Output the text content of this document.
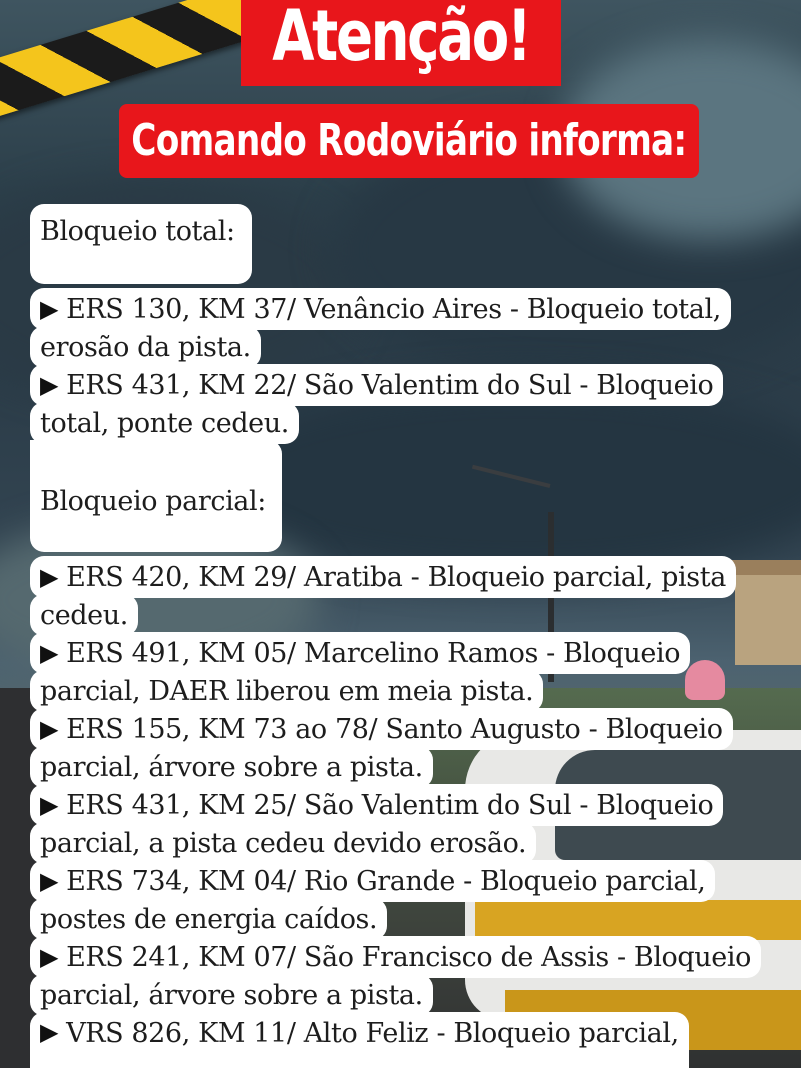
Atenção!
Comando Rodoviário informa:
Bloqueio total:
▶ ERS 130, KM 37/ Venâncio Aires - Bloqueio total,
erosão da pista.
▶ ERS 431, KM 22/ São Valentim do Sul - Bloqueio
total, ponte cedeu.
Bloqueio parcial:
▶ ERS 420, KM 29/ Aratiba - Bloqueio parcial, pista
cedeu.
▶ ERS 491, KM 05/ Marcelino Ramos - Bloqueio
parcial, DAER liberou em meia pista.
▶ ERS 155, KM 73 ao 78/ Santo Augusto - Bloqueio
parcial, árvore sobre a pista.
▶ ERS 431, KM 25/ São Valentim do Sul - Bloqueio
parcial, a pista cedeu devido erosão.
▶ ERS 734, KM 04/ Rio Grande - Bloqueio parcial,
postes de energia caídos.
▶ ERS 241, KM 07/ São Francisco de Assis - Bloqueio
parcial, árvore sobre a pista.
▶ VRS 826, KM 11/ Alto Feliz - Bloqueio parcial,
